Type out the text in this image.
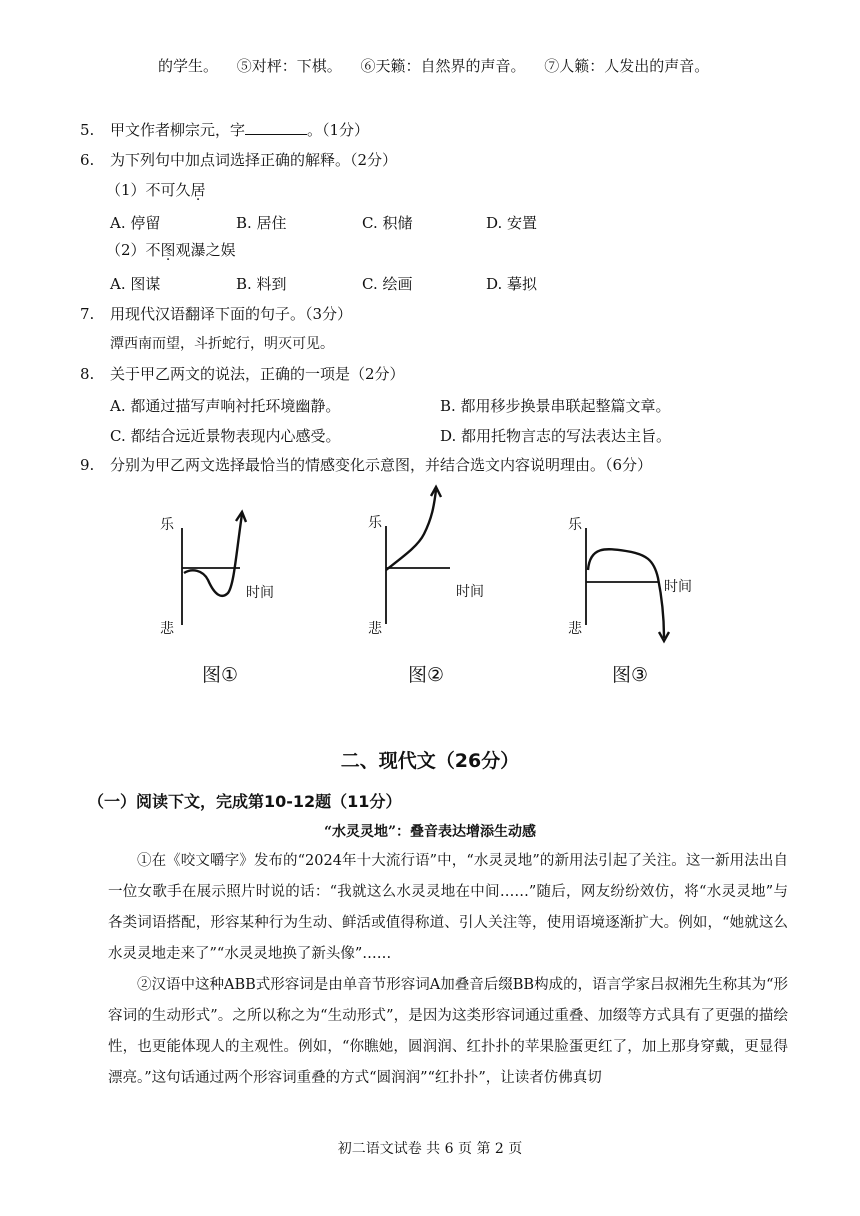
的学生。 ⑤对枰：下棋。 ⑥天籁：自然界的声音。 ⑦人籁：人发出的声音。
5. 甲文作者柳宗元，字	。（1分）
6. 为下列句中加点词选择正确的解释。（2分）
（1）不可久居
A. 停留	B. 居住	C. 积储	D. 安置
（2）不图观瀑之娱
A. 图谋	B. 料到	C. 绘画	D. 摹拟
7. 用现代汉语翻译下面的句子。（3分）
潭西南而望，斗折蛇行，明灭可见。
8. 关于甲乙两文的说法，正确的一项是（2分）
A. 都通过描写声响衬托环境幽静。	B. 都用移步换景串联起整篇文章。
C. 都结合远近景物表现内心感受。	D. 都用托物言志的写法表达主旨。
9. 分别为甲乙两文选择最恰当的情感变化示意图，并结合选文内容说明理由。（6分）
乐
悲
时间
图①
乐
悲
时间
图②
乐
悲
时间
图③
二、现代文（26分）
（一）阅读下文，完成第10-12题（11分）
“水灵灵地”：叠音表达增添生动感
①在《咬文嚼字》发布的“2024年十大流行语”中，“水灵灵地”的新用法引起了关注。这一新用法出自一位女歌手在展示照片时说的话：“我就这么水灵灵地在中间……”随后，网友纷纷效仿，将“水灵灵地”与各类词语搭配，形容某种行为生动、鲜活或值得称道、引人关注等，使用语境逐渐扩大。例如，“她就这么水灵灵地走来了”“水灵灵地换了新头像”……
②汉语中这种ABB式形容词是由单音节形容词A加叠音后缀BB构成的，语言学家吕叔湘先生称其为“形容词的生动形式”。之所以称之为“生动形式”，是因为这类形容词通过重叠、加缀等方式具有了更强的描绘性，也更能体现人的主观性。例如，“你瞧她，圆润润、红扑扑的苹果脸蛋更红了，加上那身穿戴，更显得漂亮。”这句话通过两个形容词重叠的方式“圆润润”“红扑扑”，让读者仿佛真切
初二语文试卷 共 6 页 第 2 页
